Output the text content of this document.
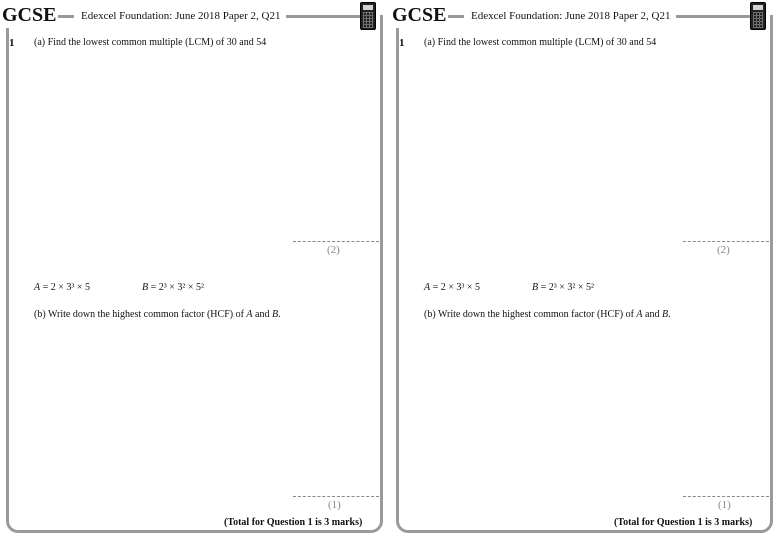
GCSE Edexcel Foundation: June 2018 Paper 2, Q21
1 (a) Find the lowest common multiple (LCM) of 30 and 54
(2)
A = 2 × 3³ × 5	B = 2³ × 3² × 5²
(b) Write down the highest common factor (HCF) of A and B.
(1)
(Total for Question 1 is 3 marks)
GCSE Edexcel Foundation: June 2018 Paper 2, Q21
1 (a) Find the lowest common multiple (LCM) of 30 and 54
(2)
A = 2 × 3³ × 5	B = 2³ × 3² × 5²
(b) Write down the highest common factor (HCF) of A and B.
(1)
(Total for Question 1 is 3 marks)
